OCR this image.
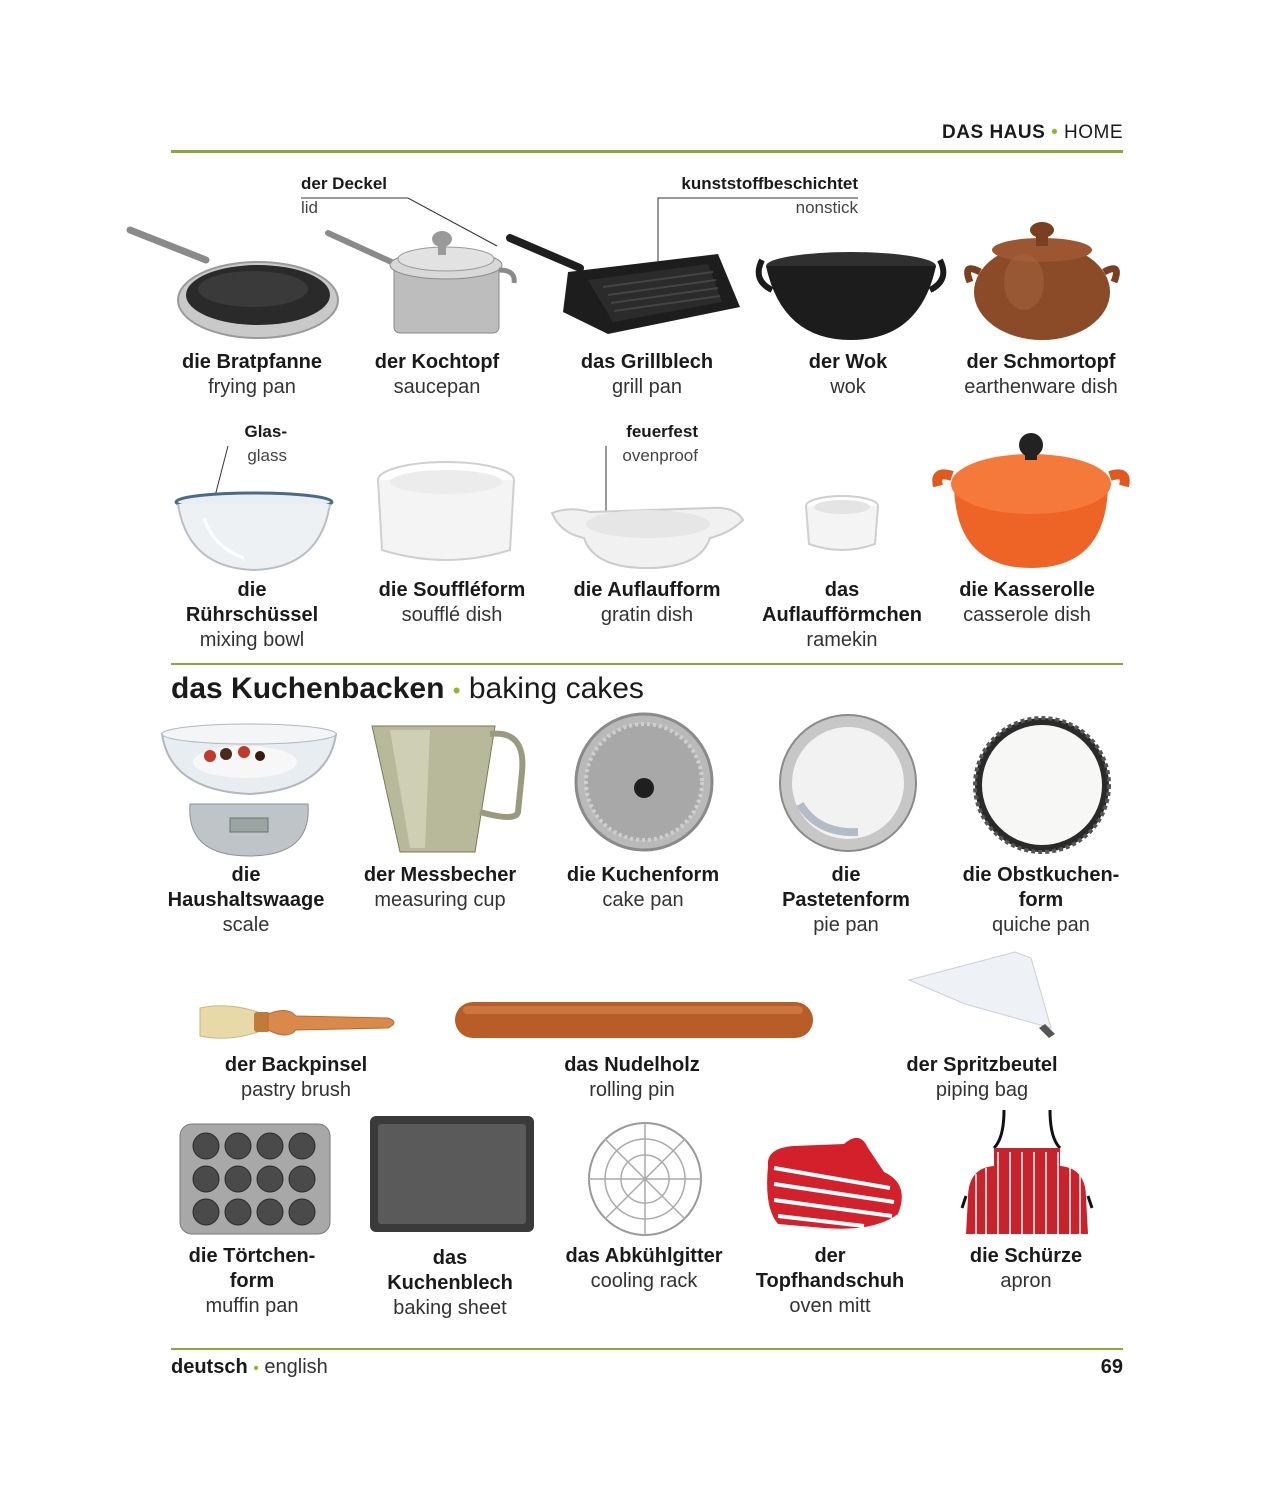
DAS HAUS • HOME
der Deckel
lid
kunststoffbeschichtet
nonstick
Glas-
glass
feuerfest
ovenproof
die Bratpfanne
frying pan
der Kochtopf
saucepan
das Grillblech
grill pan
der Wok
wok
der Schmortopf
earthenware dish
die
Rührschüssel
mixing bowl
die Souffléform
soufflé dish
die Auflaufform
gratin dish
das
Auflaufförmchen
ramekin
die Kasserolle
casserole dish
das Kuchenbacken • baking cakes
die
Haushaltswaage
scale
der Messbecher
measuring cup
die Kuchenform
cake pan
die
Pastetenform
pie pan
die Obstkuchen-
form
quiche pan
der Backpinsel
pastry brush
das Nudelholz
rolling pin
der Spritzbeutel
piping bag
die Törtchen-
form
muffin pan
das
Kuchenblech
baking sheet
das Abkühlgitter
cooling rack
der
Topfhandschuh
oven mitt
die Schürze
apron
deutsch • english	69
